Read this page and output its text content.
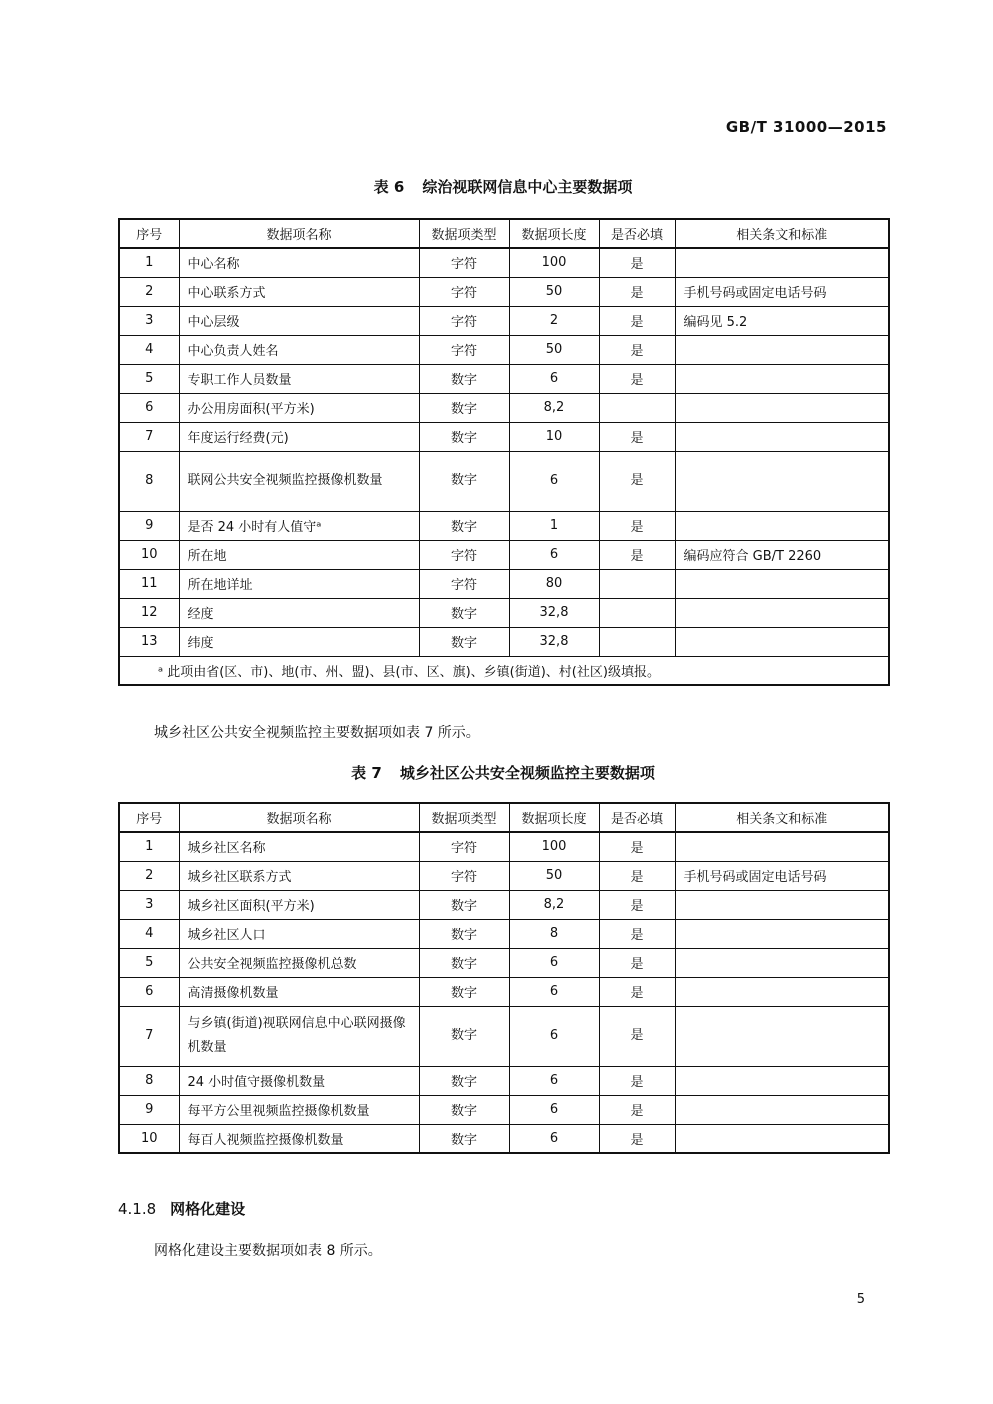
GB/T 31000—2015
表 6 综治视联网信息中心主要数据项
序号	数据项名称	数据项类型	数据项长度	是否必填	相关条文和标准
1	中心名称	字符	100	是	
2	中心联系方式	字符	50	是	手机号码或固定电话号码
3	中心层级	字符	2	是	编码见 5.2
4	中心负责人姓名	字符	50	是	
5	专职工作人员数量	数字	6	是	
6	办公用房面积(平方米)	数字	8,2		
7	年度运行经费(元)	数字	10	是	
8	联网公共安全视频监控摄像机数量	数字	6	是	
9	是否 24 小时有人值守ᵃ	数字	1	是	
10	所在地	字符	6	是	编码应符合 GB/T 2260
11	所在地详址	字符	80		
12	经度	数字	32,8		
13	纬度	数字	32,8		
ᵃ 此项由省(区、市)、地(市、州、盟)、县(市、区、旗)、乡镇(街道)、村(社区)级填报。					
城乡社区公共安全视频监控主要数据项如表 7 所示。
表 7 城乡社区公共安全视频监控主要数据项
序号	数据项名称	数据项类型	数据项长度	是否必填	相关条文和标准
1	城乡社区名称	字符	100	是	
2	城乡社区联系方式	字符	50	是	手机号码或固定电话号码
3	城乡社区面积(平方米)	数字	8,2	是	
4	城乡社区人口	数字	8	是	
5	公共安全视频监控摄像机总数	数字	6	是	
6	高清摄像机数量	数字	6	是	
7	与乡镇(街道)视联网信息中心联网摄像机数量	数字	6	是	
8	24 小时值守摄像机数量	数字	6	是	
9	每平方公里视频监控摄像机数量	数字	6	是	
10	每百人视频监控摄像机数量	数字	6	是	
4.1.8 网格化建设
网格化建设主要数据项如表 8 所示。
5
